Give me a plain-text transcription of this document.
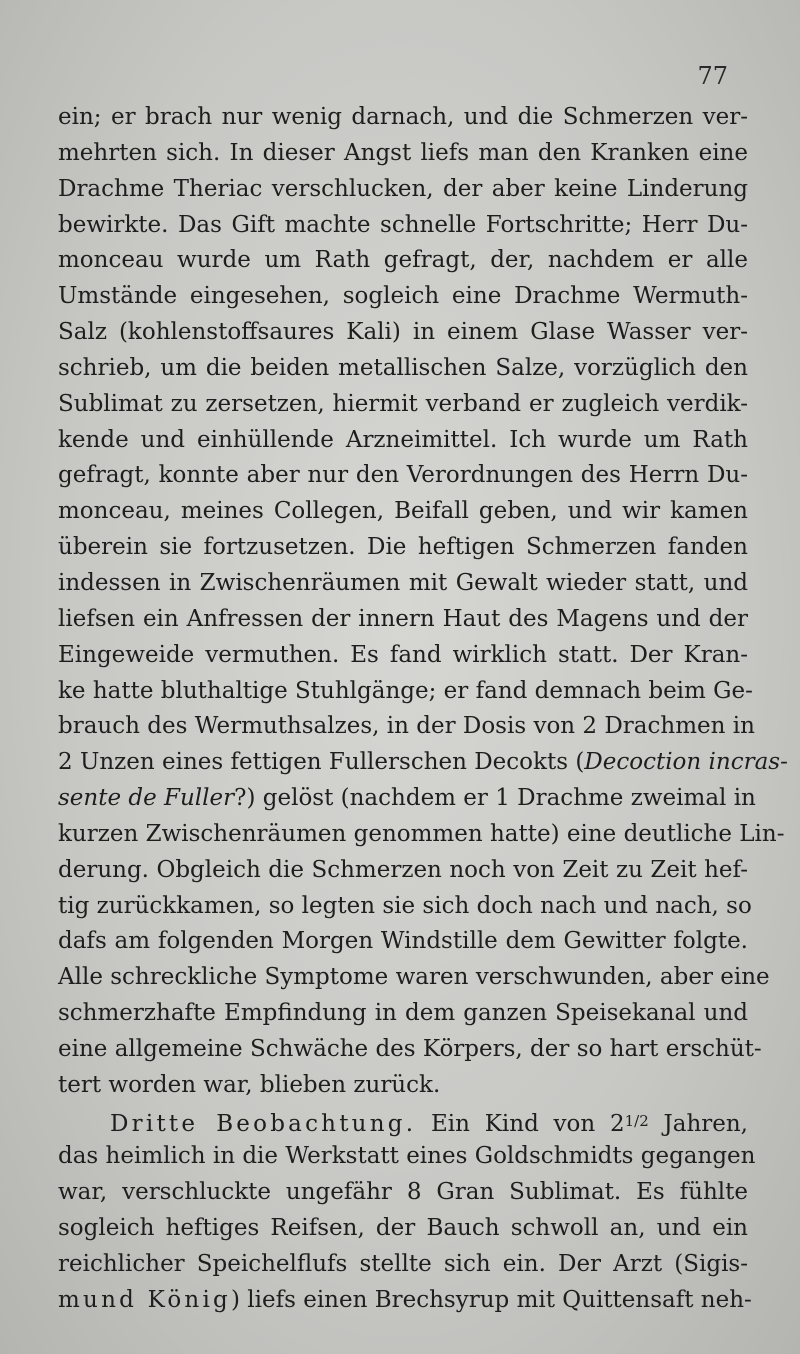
77
ein; er brach nur wenig darnach, und die Schmerzen ver-
mehrten sich. In dieser Angst liefs man den Kranken eine
Drachme Theriac verschlucken, der aber keine Linderung
bewirkte. Das Gift machte schnelle Fortschritte; Herr Du-
monceau wurde um Rath gefragt, der, nachdem er alle
Umstände eingesehen, sogleich eine Drachme Wermuth-
Salz (kohlenstoffsaures Kali) in einem Glase Wasser ver-
schrieb, um die beiden metallischen Salze, vorzüglich den
Sublimat zu zersetzen, hiermit verband er zugleich verdik-
kende und einhüllende Arzneimittel. Ich wurde um Rath
gefragt, konnte aber nur den Verordnungen des Herrn Du-
monceau, meines Collegen, Beifall geben, und wir kamen
überein sie fortzusetzen. Die heftigen Schmerzen fanden
indessen in Zwischenräumen mit Gewalt wieder statt, und
liefsen ein Anfressen der innern Haut des Magens und der
Eingeweide vermuthen. Es fand wirklich statt. Der Kran-
ke hatte bluthaltige Stuhlgänge; er fand demnach beim Ge-
brauch des Wermuthsalzes, in der Dosis von 2 Drachmen in
2 Unzen eines fettigen Fullerschen Decokts (Decoction incras-
sente de Fuller?) gelöst (nachdem er 1 Drachme zweimal in
kurzen Zwischenräumen genommen hatte) eine deutliche Lin-
derung. Obgleich die Schmerzen noch von Zeit zu Zeit hef-
tig zurückkamen, so legten sie sich doch nach und nach, so
dafs am folgenden Morgen Windstille dem Gewitter folgte.
Alle schreckliche Symptome waren verschwunden, aber eine
schmerzhafte Empfindung in dem ganzen Speisekanal und
eine allgemeine Schwäche des Körpers, der so hart erschüt-
tert worden war, blieben zurück.
Dritte Beobachtung. Ein Kind von $2^{1/2}$ Jahren,
das heimlich in die Werkstatt eines Goldschmidts gegangen
war, verschluckte ungefähr 8 Gran Sublimat. Es fühlte
sogleich heftiges Reifsen, der Bauch schwoll an, und ein
reichlicher Speichelflufs stellte sich ein. Der Arzt (Sigis-
mund König) liefs einen Brechsyrup mit Quittensaft neh-
